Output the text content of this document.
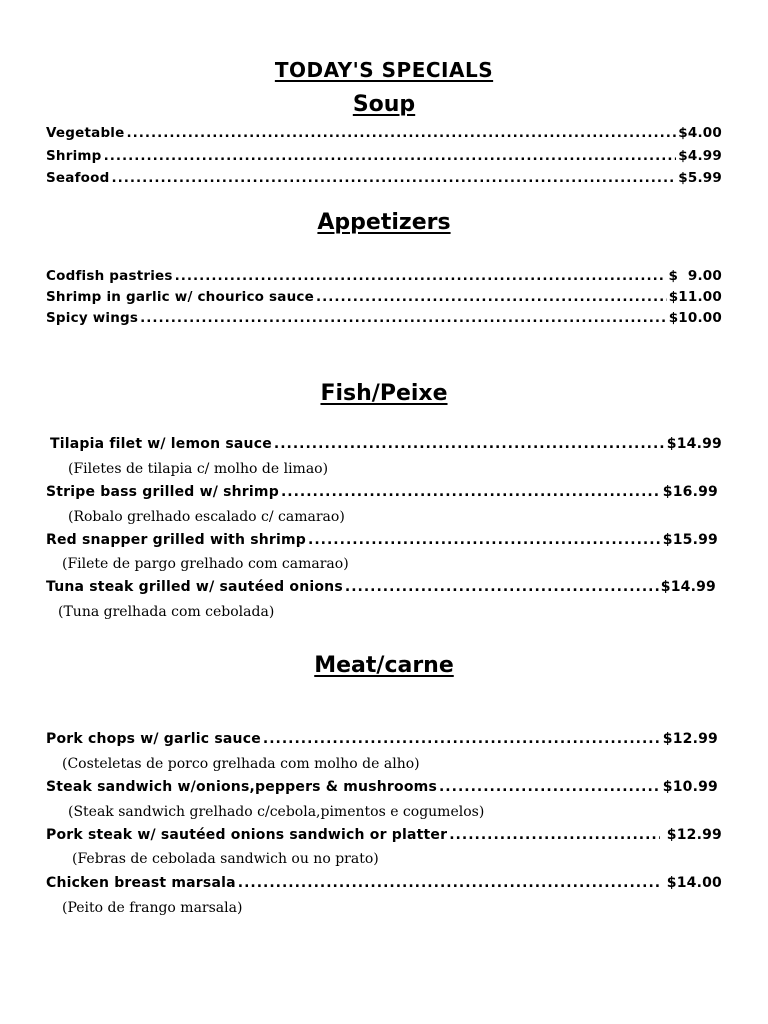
TODAY'S SPECIALS
Soup
Vegetable .....	$4.00
Shrimp .....	$4.99
Seafood .....	$5.99
Appetizers
Codfish pastries .....	$  9.00
Shrimp in garlic w/ chourico sauce .....	$11.00
Spicy wings .....	$10.00
Fish/Peixe
Tilapia filet w/ lemon sauce .....	$14.99
(Filetes de tilapia c/ molho de limao)
Stripe bass grilled w/ shrimp .....	$16.99
(Robalo grelhado escalado c/ camarao)
Red snapper grilled with shrimp .....	$15.99
(Filete de pargo grelhado com camarao)
Tuna steak grilled w/ sautéed onions .....	$14.99
(Tuna grelhada com cebolada)
Meat/carne
Pork chops w/ garlic sauce .....	$12.99
(Costeletas de porco grelhada com molho de alho)
Steak sandwich w/onions,peppers & mushrooms .....	$10.99
(Steak sandwich grelhado c/cebola,pimentos e cogumelos)
Pork steak w/ sautéed onions sandwich or platter .....	$12.99
(Febras de cebolada sandwich ou no prato)
Chicken breast marsala .....	$14.00
(Peito de frango marsala)
